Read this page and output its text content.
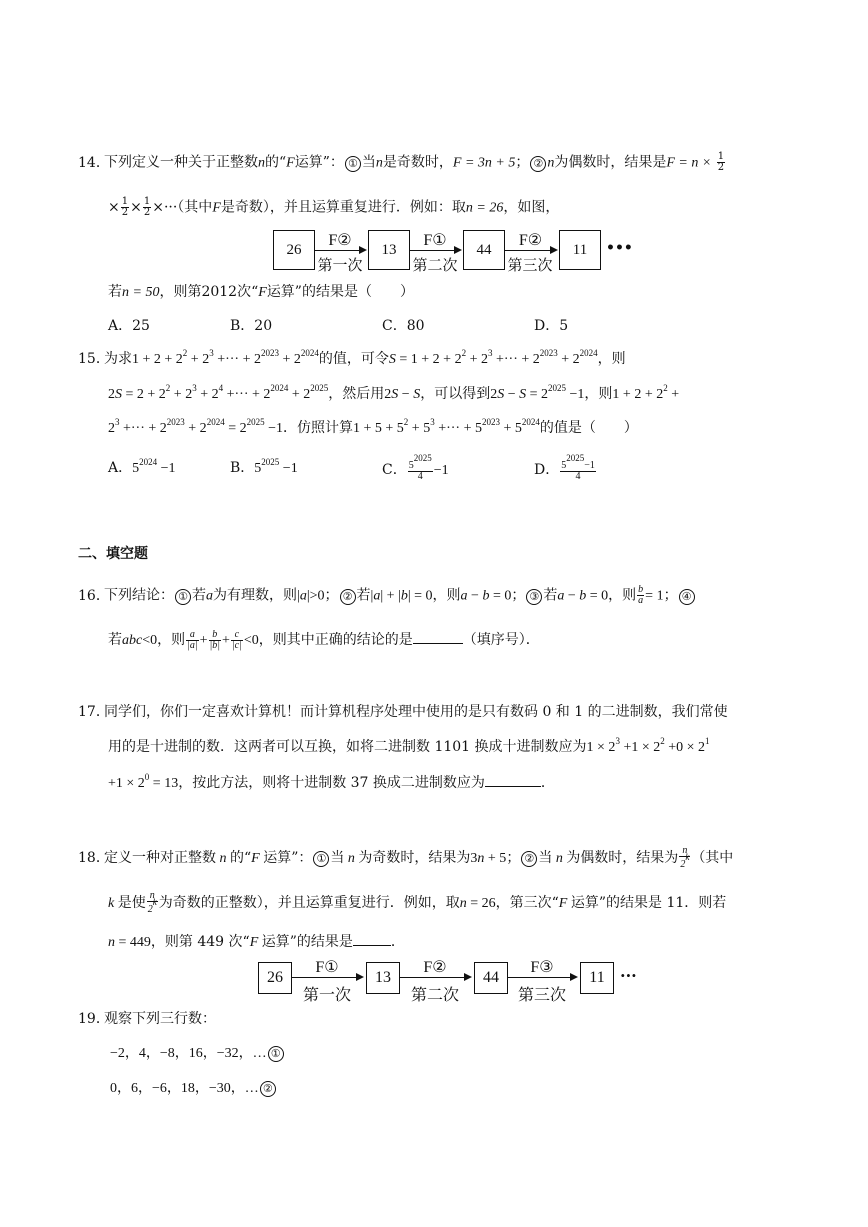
14．下列定义一种关于正整数n的“F运算”： ① 当n是奇数时，F = 3n + 5； ② n为偶数时，结果是$F = n \times \frac{1}{2}$
× $\frac{1}{2} \times \frac{1}{2}$ ×···（其中F是奇数），并且运算重复进行．例如：取n = 26，如图，
26	13	44	11
F②	F①	F②
第一次	第二次	第三次
•••
若n = 50，则第2012次“F运算”的结果是（　　）
A．25	B．20	C．80	D．5
15．为求$1 + 2 + 2^2 + 2^3$ +··· + $2^{2023} + 2^{2024}$的值，可令$S = 1 + 2 + 2^2 + 2^3$ +··· + $2^{2023} + 2^{2024}$，则
$2S = 2 + 2^2 + 2^3 + 2^4$ +··· + $2^{2024} + 2^{2025}$，然后用2S − S，可以得到$2S - S = 2^{2025} -1$，则$1 + 2 + 2^2$ +
$2^3$ +··· + $2^{2023} + 2^{2024} = 2^{2025} -1$．仿照计算$1 + 5 + 5^2 + 5^3$ +··· + $5^{2023} + 5^{2024}$的值是（　　）
A．$5^{2024} -1$	B．$5^{2025} -1$	C． $\frac{5^{2025}}{4} -1$	D． $\frac{5^{2025}-1}{4}$
二、填空题
16．下列结论： ① 若a为有理数，则|a|>0； ② 若|a| + |b| = 0，则a − b = 0； ③ 若a − b = 0，则 $\frac{b}{a} = 1$； ④
若abc<0，则 $\frac{a}{|a|} + \frac{b}{|b|} + \frac{c}{|c|} <0$，则其中正确的结论的是	（填序号）．
17．同学们，你们一定喜欢计算机！而计算机程序处理中使用的是只有数码 0 和 1 的二进制数，我们常使
用的是十进制的数．这两者可以互换，如将二进制数 1101 换成十进制数应为$1 \times 2^3 +1 \times 2^2 +0 \times 2^1$
$+1 \times 2^0 = 13$，按此方法，则将十进制数 37 换成二进制数应为	．
18．定义一种对正整数 n 的“F 运算”： ① 当 n 为奇数时，结果为3n + 5； ② 当 n 为偶数时，结果为 $\frac{n}{2^k}$ （其中
k 是使 $\frac{n}{2^k}$ 为奇数的正整数），并且运算重复进行．例如，取n = 26，第三次“F 运算”的结果是 11．则若
n = 449，则第 449 次“F 运算”的结果是	．
26	13	44	11
F①	F②	F③
第一次	第二次	第三次
···
19．观察下列三行数：
−2，4，−8，16，−32，… ①
0，6，−6，18，−30，… ②
